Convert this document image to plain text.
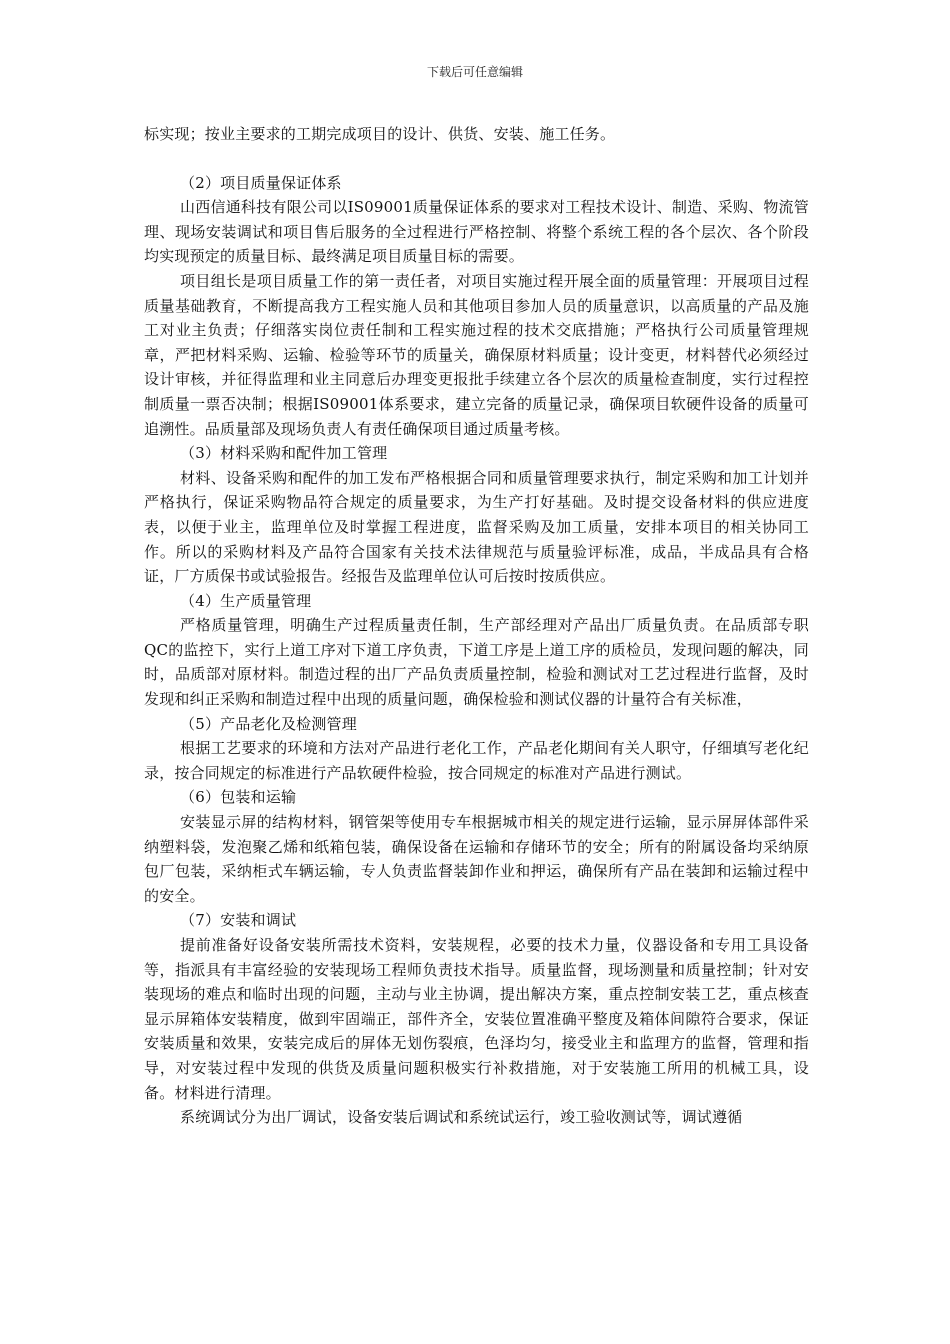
下载后可任意编辑

标实现；按业主要求的工期完成项目的设计、供货、安装、施工任务。

（2）项目质量保证体系

山西信通科技有限公司以IS09001质量保证体系的要求对工程技术设计、制造、采购、物流管理、现场安装调试和项目售后服务的全过程进行严格控制、将整个系统工程的各个层次、各个阶段均实现预定的质量目标、最终满足项目质量目标的需要。

项目组长是项目质量工作的第一责任者，对项目实施过程开展全面的质量管理：开展项目过程质量基础教育，不断提高我方工程实施人员和其他项目参加人员的质量意识，以高质量的产品及施工对业主负责；仔细落实岗位责任制和工程实施过程的技术交底措施；严格执行公司质量管理规章，严把材料采购、运输、检验等环节的质量关，确保原材料质量；设计变更，材料替代必须经过设计审核，并征得监理和业主同意后办理变更报批手续建立各个层次的质量检查制度，实行过程控制质量一票否决制；根据IS09001体系要求，建立完备的质量记录，确保项目软硬件设备的质量可追溯性。品质量部及现场负责人有责任确保项目通过质量考核。

（3）材料采购和配件加工管理

材料、设备采购和配件的加工发布严格根据合同和质量管理要求执行，制定采购和加工计划并严格执行，保证采购物品符合规定的质量要求，为生产打好基础。及时提交设备材料的供应进度表，以便于业主，监理单位及时掌握工程进度，监督采购及加工质量，安排本项目的相关协同工作。所以的采购材料及产品符合国家有关技术法律规范与质量验评标准，成品，半成品具有合格证，厂方质保书或试验报告。经报告及监理单位认可后按时按质供应。

（4）生产质量管理

严格质量管理，明确生产过程质量责任制，生产部经理对产品出厂质量负责。在品质部专职QC的监控下，实行上道工序对下道工序负责，下道工序是上道工序的质检员，发现问题的解决，同时，品质部对原材料。制造过程的出厂产品负责质量控制，检验和测试对工艺过程进行监督，及时发现和纠正采购和制造过程中出现的质量问题，确保检验和测试仪器的计量符合有关标准，

（5）产品老化及检测管理

根据工艺要求的环境和方法对产品进行老化工作，产品老化期间有关人职守，仔细填写老化纪录，按合同规定的标准进行产品软硬件检验，按合同规定的标准对产品进行测试。

（6）包装和运输

安装显示屏的结构材料，钢管架等使用专车根据城市相关的规定进行运输，显示屏屏体部件采纳塑料袋，发泡聚乙烯和纸箱包装，确保设备在运输和存储环节的安全；所有的附属设备均采纳原包厂包装，采纳柜式车辆运输，专人负责监督装卸作业和押运，确保所有产品在装卸和运输过程中的安全。

（7）安装和调试

提前准备好设备安装所需技术资料，安装规程，必要的技术力量，仪器设备和专用工具设备等，指派具有丰富经验的安装现场工程师负责技术指导。质量监督，现场测量和质量控制；针对安装现场的难点和临时出现的问题，主动与业主协调，提出解决方案，重点控制安装工艺，重点核查显示屏箱体安装精度，做到牢固端正，部件齐全，安装位置准确平整度及箱体间隙符合要求，保证安装质量和效果，安装完成后的屏体无划伤裂痕，色泽均匀，接受业主和监理方的监督，管理和指导，对安装过程中发现的供货及质量问题积极实行补救措施，对于安装施工所用的机械工具，设备。材料进行清理。

系统调试分为出厂调试，设备安装后调试和系统试运行，竣工验收测试等，调试遵循
